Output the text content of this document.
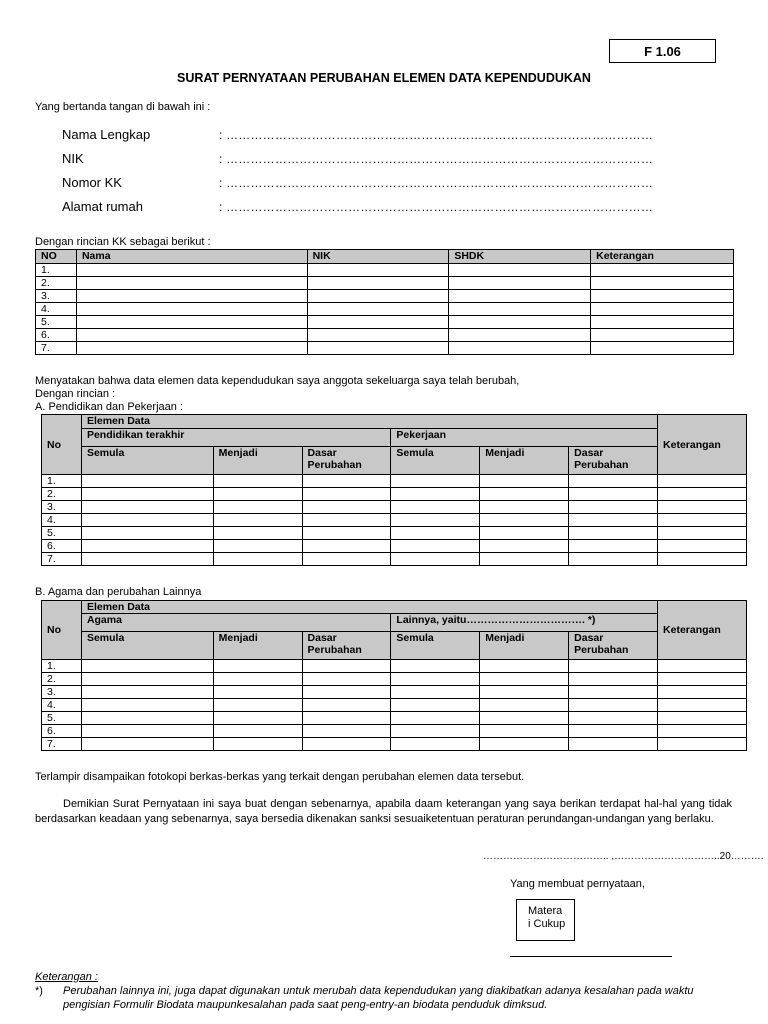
F 1.06
SURAT PERNYATAAN PERUBAHAN ELEMEN DATA KEPENDUDUKAN
Yang bertanda tangan di bawah ini :
Nama Lengkap	: ……………………………………………………………………………………………
NIK	: ……………………………………………………………………………………………
Nomor KK	: ……………………………………………………………………………………………
Alamat rumah	: ……………………………………………………………………………………………
Dengan rincian KK sebagai berikut :
NO	Nama	NIK	SHDK	Keterangan
1.				
2.				
3.				
4.				
5.				
6.				
7.				
Menyatakan bahwa data elemen data kependudukan saya anggota sekeluarga saya telah berubah,
Dengan rincian :
A. Pendidikan dan Pekerjaan :
No	Elemen Data						Keterangan
	Pendidikan terakhir			Pekerjaan			
	Semula	Menjadi	Dasar Perubahan	Semula	Menjadi	Dasar Perubahan	
1.							
2.							
3.							
4.							
5.							
6.							
7.							
B. Agama dan perubahan Lainnya
No	Elemen Data						Keterangan
	Agama			Lainnya, yaitu……………………………. *)			
	Semula	Menjadi	Dasar Perubahan	Semula	Menjadi	Dasar Perubahan	
1.							
2.							
3.							
4.							
5.							
6.							
7.							
Terlampir disampaikan fotokopi berkas-berkas yang terkait dengan perubahan elemen data tersebut.
Demikian Surat Pernyataan ini saya buat dengan sebenarnya, apabila daam keterangan yang saya berikan terdapat hal-hal yang tidak berdasarkan keadaan yang sebenarnya, saya bersedia dikenakan sanksi sesuaiketentuan peraturan perundangan-undangan yang berlaku.
……………………………….. ,…………………………..20……….
Yang membuat pernyataan,
Matera
i Cukup
Keterangan :
*) Perubahan lainnya ini, juga dapat digunakan untuk merubah data kependudukan yang diakibatkan adanya kesalahan pada waktu
pengisian Formulir Biodata maupunkesalahan pada saat peng-entry-an biodata penduduk dimksud.
